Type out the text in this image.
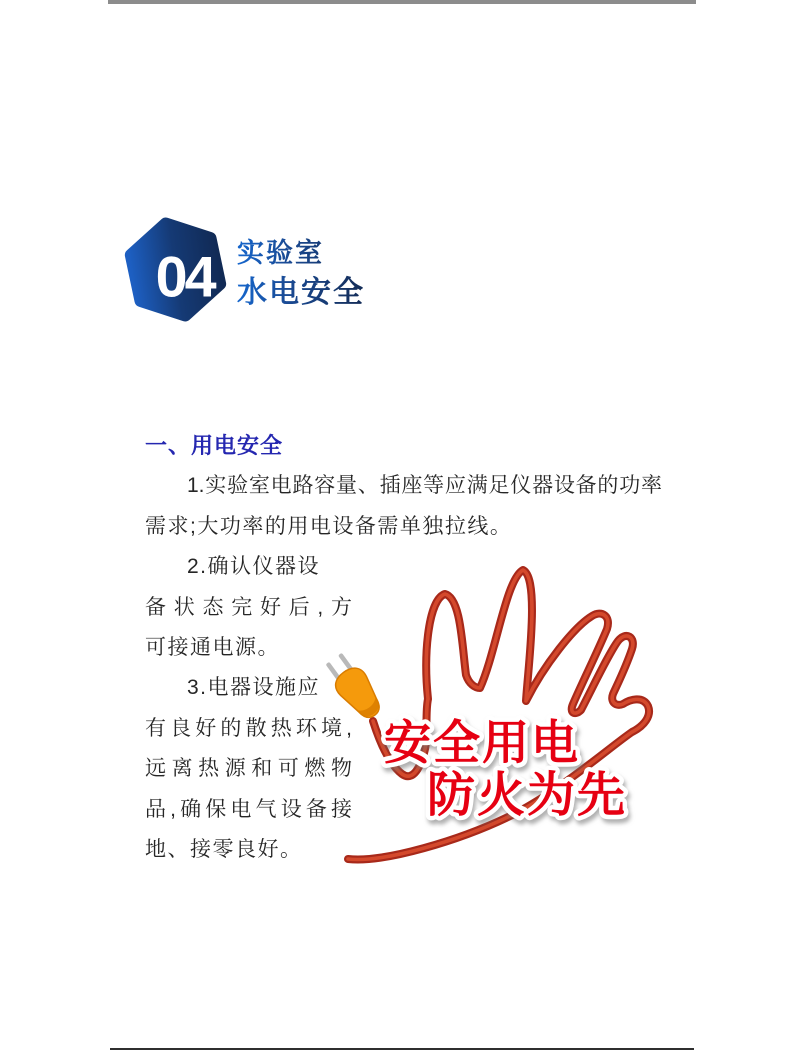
04 实验室
水电安全
安全用电
防火为先
一、用电安全
1.实验室电路容量、插座等应满足仪器设备的功率
需求;大功率的用电设备需单独拉线。
2.确认仪器设
备状态完好后,方
可接通电源。
3.电器设施应
有良好的散热环境,
远离热源和可燃物
品,确保电气设备接
地、接零良好。
